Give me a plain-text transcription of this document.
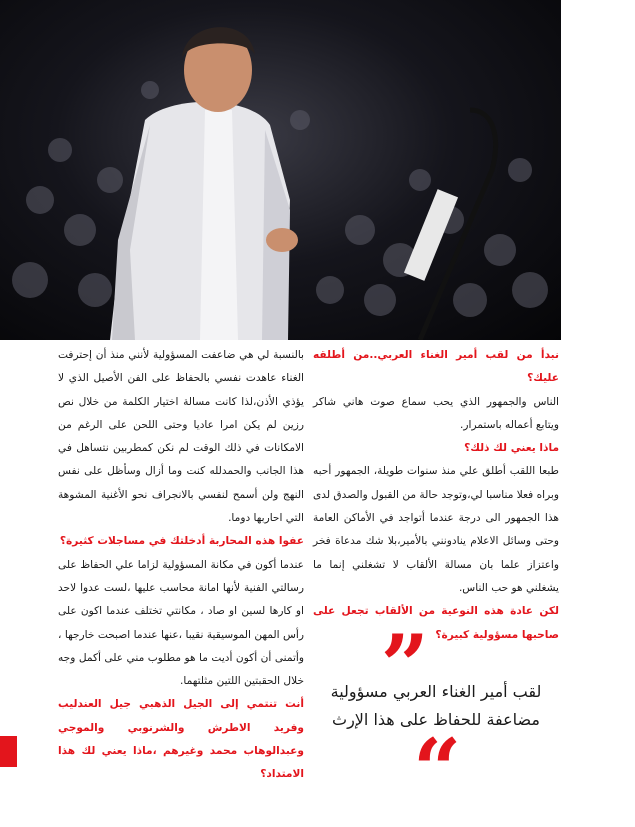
نبدأ من لقب أمير الغناء العربي..من أطلقه عليك؟

الناس والجمهور الذي يحب سماع صوت هاني شاكر ويتابع أعماله باستمرار.

ماذا يعني لك ذلك؟

طبعا اللقب أطلق علي منذ سنوات طويلة، الجمهور أحبه وبراه فعلا مناسبا لي،وتوجد حالة من القبول والصدق لدى هذا الجمهور الى درجة عندما أتواجد في الأماكن العامة وحتى وسائل الاعلام ينادونني بالأمير،بلا شك مدعاة فخر واعتزاز علما بان مسالة الألقاب لا تشغلني إنما ما يشغلني هو حب الناس.

لكن عادة هذه النوعية من الألقاب تجعل على صاحبها مسؤولية كبيرة؟

بالنسبة لي هي ضاعفت المسؤولية لأنني منذ أن إحترفت الغناء عاهدت نفسي بالحفاظ على الفن الأصيل الذي لا يؤذي الأذن،لذا كانت مسالة اختيار الكلمة من خلال نص رزين لم يكن امرا عاديا وحتى اللحن على الرغم من الامكانات في ذلك الوقت لم نكن كمطربين نتساهل في هذا الجانب والحمدلله كنت وما أزال وسأظل على نفس النهج ولن أسمح لنفسي بالانجراف نحو الأغنية المشوهة التي احاربها دوما.

عفوا هذه المحاربة أدخلتك في مساجلات كثيرة؟

عندما أكون في مكانة المسؤولية لزاما علي الحفاظ على رسالتي الفنية لأنها امانة محاسب عليها ،لست عدوا لاحد او كارها لسين او صاد ، مكانتي تختلف عندما اكون على رأس المهن الموسيقية نقيبا ،عنها عندما اصبحت خارجها ، وأتمنى أن أكون أديت ما هو مطلوب مني على أكمل وجه خلال الحقبتين اللتين مثلتهما.

أنت تنتمي إلى الجيل الذهبي جيل العندليب وفريد الاطرش والشرنوبي والموجي وعبدالوهاب محمد وغيرهم ،ماذا يعني لك هذا الامتداد؟

”
لقب أمير الغناء العربي مسؤولية
مضاعفة للحفاظ على هذا الإرث
“
